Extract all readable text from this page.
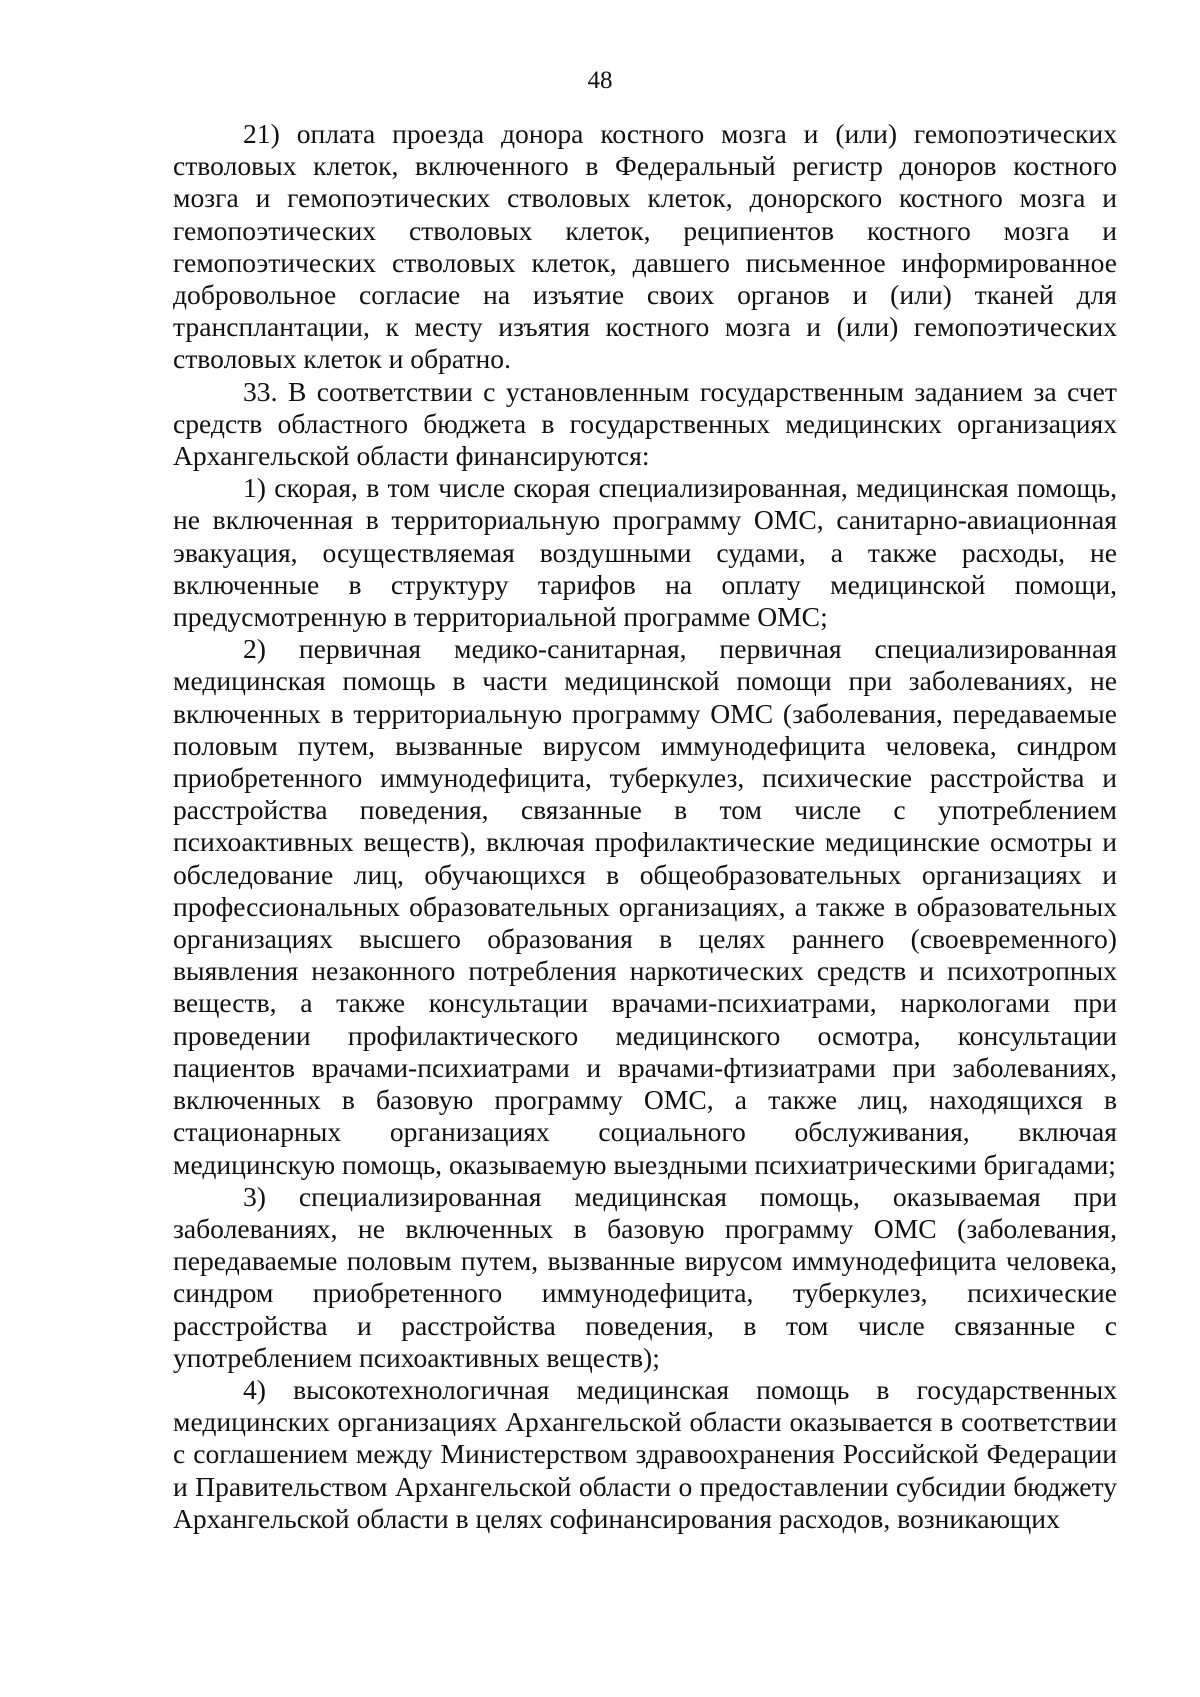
48

21) оплата проезда донора костного мозга и (или) гемопоэтических стволовых клеток, включенного в Федеральный регистр доноров костного мозга и гемопоэтических стволовых клеток, донорского костного мозга и гемопоэтических стволовых клеток, реципиентов костного мозга и гемопоэтических стволовых клеток, давшего письменное информированное добровольное согласие на изъятие своих органов и (или) тканей для трансплантации, к месту изъятия костного мозга и (или) гемопоэтических стволовых клеток и обратно.

33. В соответствии с установленным государственным заданием за счет средств областного бюджета в государственных медицинских организациях Архангельской области финансируются:

1) скорая, в том числе скорая специализированная, медицинская помощь, не включенная в территориальную программу ОМС, санитарно-авиационная эвакуация, осуществляемая воздушными судами, а также расходы, не включенные в структуру тарифов на оплату медицинской помощи, предусмотренную в территориальной программе ОМС;

2) первичная медико-санитарная, первичная специализированная медицинская помощь в части медицинской помощи при заболеваниях, не включенных в территориальную программу ОМС (заболевания, передаваемые половым путем, вызванные вирусом иммунодефицита человека, синдром приобретенного иммунодефицита, туберкулез, психические расстройства и расстройства поведения, связанные в том числе с употреблением психоактивных веществ), включая профилактические медицинские осмотры и обследование лиц, обучающихся в общеобразовательных организациях и профессиональных образовательных организациях, а также в образовательных организациях высшего образования в целях раннего (своевременного) выявления незаконного потребления наркотических средств и психотропных веществ, а также консультации врачами-психиатрами, наркологами при проведении профилактического медицинского осмотра, консультации пациентов врачами-психиатрами и врачами-фтизиатрами при заболеваниях, включенных в базовую программу ОМС, а также лиц, находящихся в стационарных организациях социального обслуживания, включая медицинскую помощь, оказываемую выездными психиатрическими бригадами;

3) специализированная медицинская помощь, оказываемая при заболеваниях, не включенных в базовую программу ОМС (заболевания, передаваемые половым путем, вызванные вирусом иммунодефицита человека, синдром приобретенного иммунодефицита, туберкулез, психические расстройства и расстройства поведения, в том числе связанные с употреблением психоактивных веществ);

4) высокотехнологичная медицинская помощь в государственных медицинских организациях Архангельской области оказывается в соответствии с соглашением между Министерством здравоохранения Российской Федерации и Правительством Архангельской области о предоставлении субсидии бюджету Архангельской области в целях софинансирования расходов, возникающих
